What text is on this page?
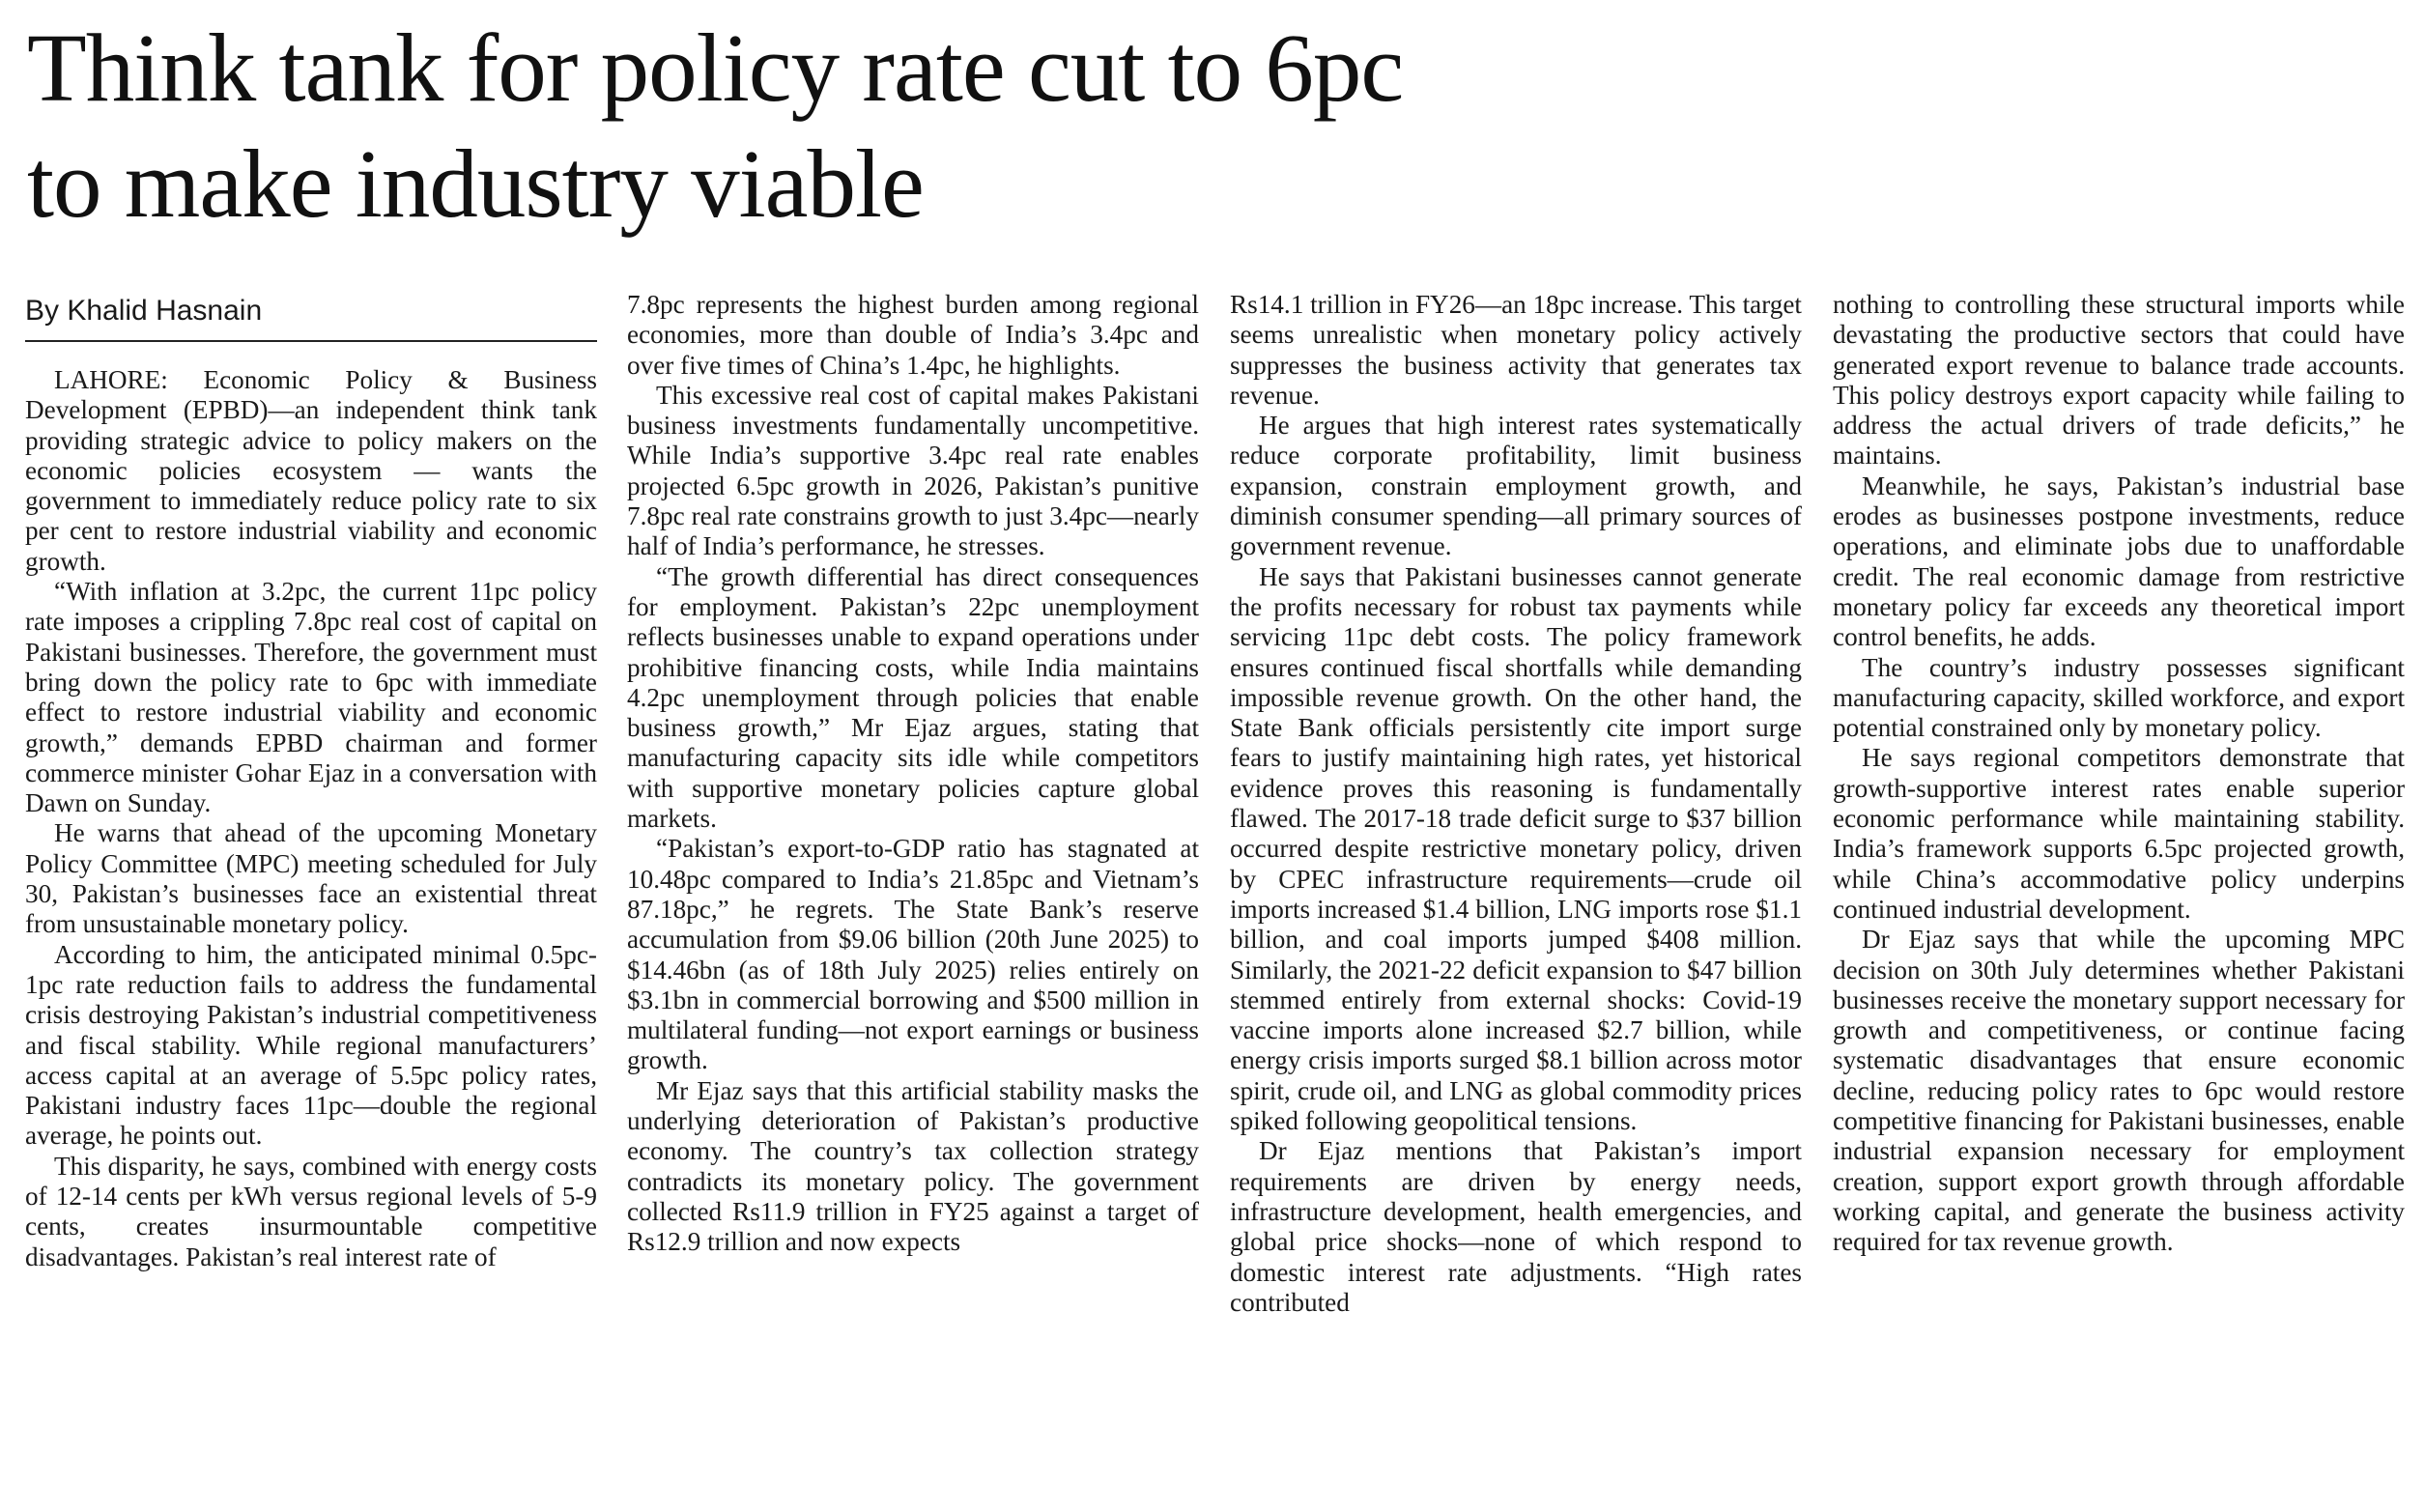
Think tank for policy rate cut to 6pc
to make industry viable
By Khalid Hasnain

LAHORE: Economic Policy & Business Development (EPBD)—an independent think tank providing strategic advice to policy makers on the economic policies ecosystem — wants the government to immediately reduce policy rate to six per cent to restore industrial viability and economic growth.

“With inflation at 3.2pc, the current 11pc policy rate imposes a crippling 7.8pc real cost of capital on Pakistani businesses. Therefore, the government must bring down the policy rate to 6pc with immediate effect to restore industrial viability and economic growth,” demands EPBD chairman and former commerce minister Gohar Ejaz in a conversation with Dawn on Sunday.

He warns that ahead of the upcoming Monetary Policy Committee (MPC) meeting scheduled for July 30, Pakistan’s businesses face an existential threat from unsustainable monetary policy.

According to him, the anticipated minimal 0.5pc-1pc rate reduction fails to address the fundamental crisis destroying Pakistan’s industrial competitiveness and fiscal stability. While regional manufacturers’ access capital at an average of 5.5pc policy rates, Pakistani industry faces 11pc—double the regional average, he points out.

This disparity, he says, combined with energy costs of 12-14 cents per kWh versus regional levels of 5-9 cents, creates insurmountable competitive disadvantages. Pakistan’s real interest rate of

7.8pc represents the highest burden among regional economies, more than double of India’s 3.4pc and over five times of China’s 1.4pc, he highlights.

This excessive real cost of capital makes Pakistani business investments fundamentally uncompetitive. While India’s supportive 3.4pc real rate enables projected 6.5pc growth in 2026, Pakistan’s punitive 7.8pc real rate constrains growth to just 3.4pc—nearly half of India’s performance, he stresses.

“The growth differential has direct consequences for employment. Pakistan’s 22pc unemployment reflects businesses unable to expand operations under prohibitive financing costs, while India maintains 4.2pc unemployment through policies that enable business growth,” Mr Ejaz argues, stating that manufacturing capacity sits idle while competitors with supportive monetary policies capture global markets.

“Pakistan’s export-to-GDP ratio has stagnated at 10.48pc compared to India’s 21.85pc and Vietnam’s 87.18pc,” he regrets. The State Bank’s reserve accumulation from $9.06 billion (20th June 2025) to $14.46bn (as of 18th July 2025) relies entirely on $3.1bn in commercial borrowing and $500 million in multilateral funding—not export earnings or business growth.

Mr Ejaz says that this artificial stability masks the underlying deterioration of Pakistan’s productive economy. The country’s tax collection strategy contradicts its monetary policy. The government collected Rs11.9 trillion in FY25 against a target of Rs12.9 trillion and now expects

Rs14.1 trillion in FY26—an 18pc increase. This target seems unrealistic when monetary policy actively suppresses the business activity that generates tax revenue.

He argues that high interest rates systematically reduce corporate profitability, limit business expansion, constrain employment growth, and diminish consumer spending—all primary sources of government revenue.

He says that Pakistani businesses cannot generate the profits necessary for robust tax payments while servicing 11pc debt costs. The policy framework ensures continued fiscal shortfalls while demanding impossible revenue growth. On the other hand, the State Bank officials persistently cite import surge fears to justify maintaining high rates, yet historical evidence proves this reasoning is fundamentally flawed. The 2017-18 trade deficit surge to $37 billion occurred despite restrictive monetary policy, driven by CPEC infrastructure requirements—crude oil imports increased $1.4 billion, LNG imports rose $1.1 billion, and coal imports jumped $408 million. Similarly, the 2021-22 deficit expansion to $47 billion stemmed entirely from external shocks: Covid-19 vaccine imports alone increased $2.7 billion, while energy crisis imports surged $8.1 billion across motor spirit, crude oil, and LNG as global commodity prices spiked following geopolitical tensions.

Dr Ejaz mentions that Pakistan’s import requirements are driven by energy needs, infrastructure development, health emergencies, and global price shocks—none of which respond to domestic interest rate adjustments. “High rates contributed

nothing to controlling these structural imports while devastating the productive sectors that could have generated export revenue to balance trade accounts. This policy destroys export capacity while failing to address the actual drivers of trade deficits,” he maintains.

Meanwhile, he says, Pakistan’s industrial base erodes as businesses postpone investments, reduce operations, and eliminate jobs due to unaffordable credit. The real economic damage from restrictive monetary policy far exceeds any theoretical import control benefits, he adds.

The country’s industry possesses significant manufacturing capacity, skilled workforce, and export potential constrained only by monetary policy.

He says regional competitors demonstrate that growth-supportive interest rates enable superior economic performance while maintaining stability. India’s framework supports 6.5pc projected growth, while China’s accommodative policy underpins continued industrial development.

Dr Ejaz says that while the upcoming MPC decision on 30th July determines whether Pakistani businesses receive the monetary support necessary for growth and competitiveness, or continue facing systematic disadvantages that ensure economic decline, reducing policy rates to 6pc would restore competitive financing for Pakistani businesses, enable industrial expansion necessary for employment creation, support export growth through affordable working capital, and generate the business activity required for tax revenue growth.
